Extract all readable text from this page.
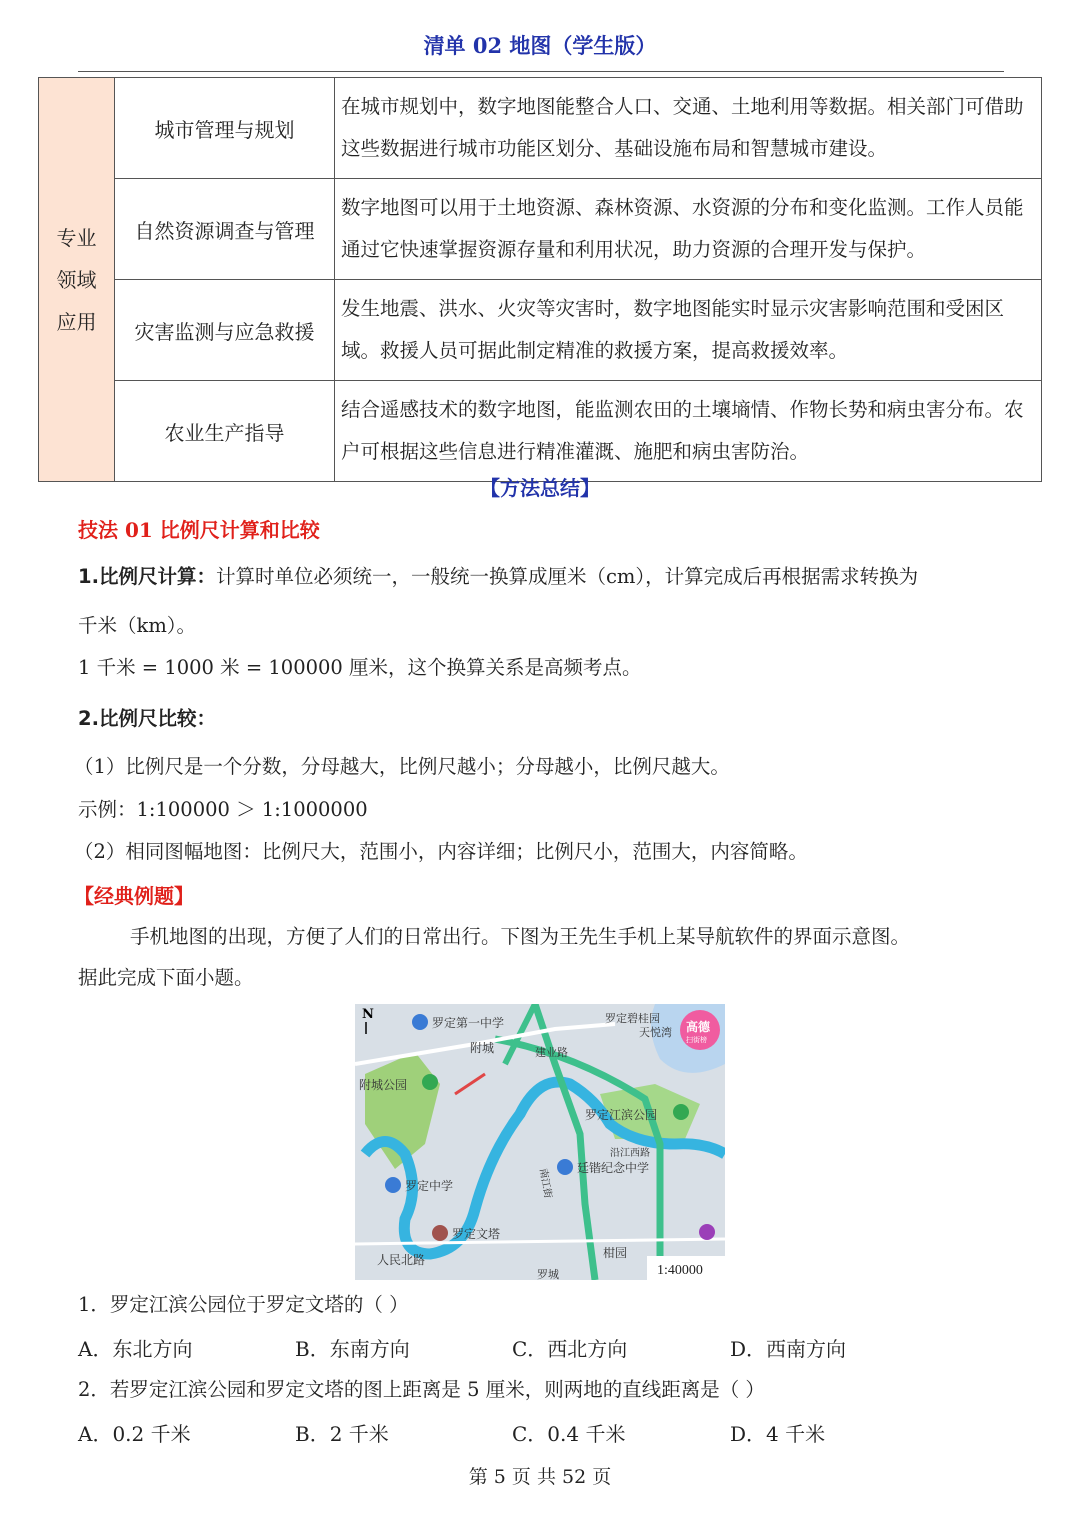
清单 02 地图（学生版）
专业
领域
应用	城市管理与规划	在城市规划中，数字地图能整合人口、交通、土地利用等数据。相关部门可借助这些数据进行城市功能区划分、基础设施布局和智慧城市建设。
	自然资源调查与管理	数字地图可以用于土地资源、森林资源、水资源的分布和变化监测。工作人员能通过它快速掌握资源存量和利用状况，助力资源的合理开发与保护。
	灾害监测与应急救援	发生地震、洪水、火灾等灾害时，数字地图能实时显示灾害影响范围和受困区域。救援人员可据此制定精准的救援方案，提高救援效率。
	农业生产指导	结合遥感技术的数字地图，能监测农田的土壤墒情、作物长势和病虫害分布。农户可根据这些信息进行精准灌溉、施肥和病虫害防治。
【方法总结】
技法 01 比例尺计算和比较
1.比例尺计算：计算时单位必须统一，一般统一换算成厘米（cm），计算完成后再根据需求转换为
千米（km）。
1 千米 = 1000 米 = 100000 厘米，这个换算关系是高频考点。
2.比例尺比较：
（1）比例尺是一个分数，分母越大，比例尺越小；分母越小，比例尺越大。
示例：1:100000 ＞ 1:1000000
（2）相同图幅地图：比例尺大，范围小，内容详细；比例尺小，范围大，内容简略。
【经典例题】
手机地图的出现，方便了人们的日常出行。下图为王先生手机上某导航软件的界面示意图。
据此完成下面小题。
N
罗定第一中学	罗定碧桂园
天悦湾
附城	建业路
附城公园
罗定江滨公园
沿江西路
廷锴纪念中学
罗定中学
罗定文塔
人民北路	柑园
罗城
南江街
高德
扫街榜
1:40000
1．罗定江滨公园位于罗定文塔的（ ）
A．东北方向	B．东南方向	C．西北方向	D．西南方向
2．若罗定江滨公园和罗定文塔的图上距离是 5 厘米，则两地的直线距离是（ ）
A．0.2 千米	B．2 千米	C．0.4 千米	D．4 千米
第 5 页 共 52 页
